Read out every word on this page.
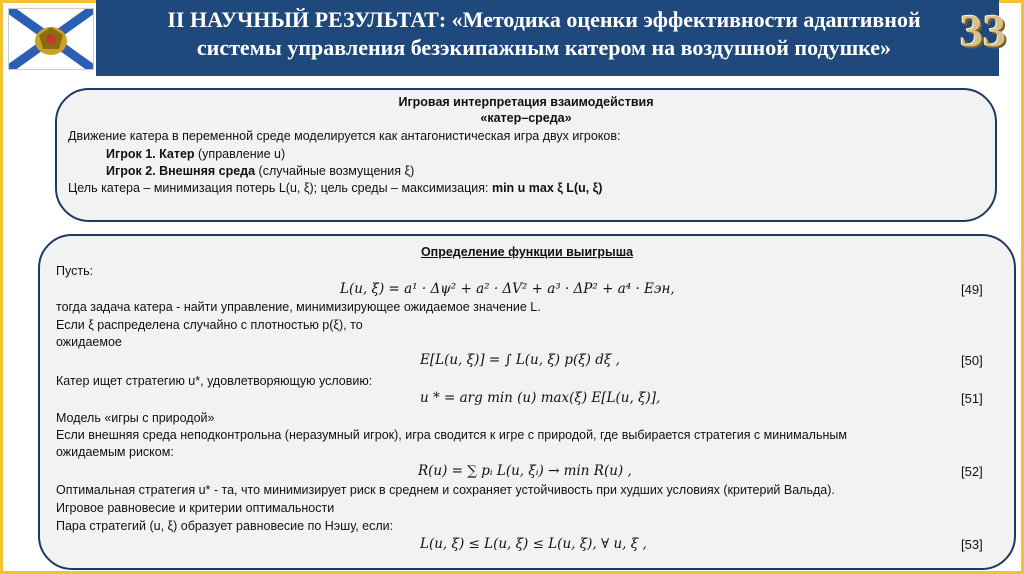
II НАУЧНЫЙ РЕЗУЛЬТАТ: «Методика оценки эффективности адаптивной
системы управления безэкипажным катером на воздушной подушке»	33
Игровая интерпретация взаимодействия
«катер–среда»
Движение катера в переменной среде моделируется как антагонистическая игра двух игроков:
Игрок 1. Катер (управление u)
Игрок 2. Внешняя среда (случайные возмущения ξ)
Цель катера – минимизация потерь L(u, ξ); цель среды – максимизация: min u max ξ L(u, ξ)
Определение функции выигрыша
Пусть:
L(u, ξ) = a¹ · Δψ² + a² · ΔV² + a³ · ΔP² + a⁴ · Eэн,	[49]
тогда задача катера - найти управление, минимизирующее ожидаемое значение L.
Если ξ распределена случайно с плотностью p(ξ), то
ожидаемое
E[L(u, ξ)] = ∫ L(u, ξ) p(ξ) dξ ,	[50]
Катер ищет стратегию u*, удовлетворяющую условию:
u * = arg min (u) max(ξ) E[L(u, ξ)],	[51]
Модель «игры с природой»
Если внешняя среда неподконтрольна (неразумный игрок), игра сводится к игре с природой, где выбирается стратегия с минимальным
ожидаемым риском:
R(u) = ∑ pᵢ L(u, ξᵢ) → min R(u) ,	[52]
Оптимальная стратегия u* - та, что минимизирует риск в среднем и сохраняет устойчивость при худших условиях (критерий Вальда).
Игровое равновесие и критерии оптимальности
Пара стратегий (u, ξ) образует равновесие по Нэшу, если:
L(u, ξ) ≤ L(u, ξ) ≤ L(u, ξ), ∀ u, ξ ,	[53]
